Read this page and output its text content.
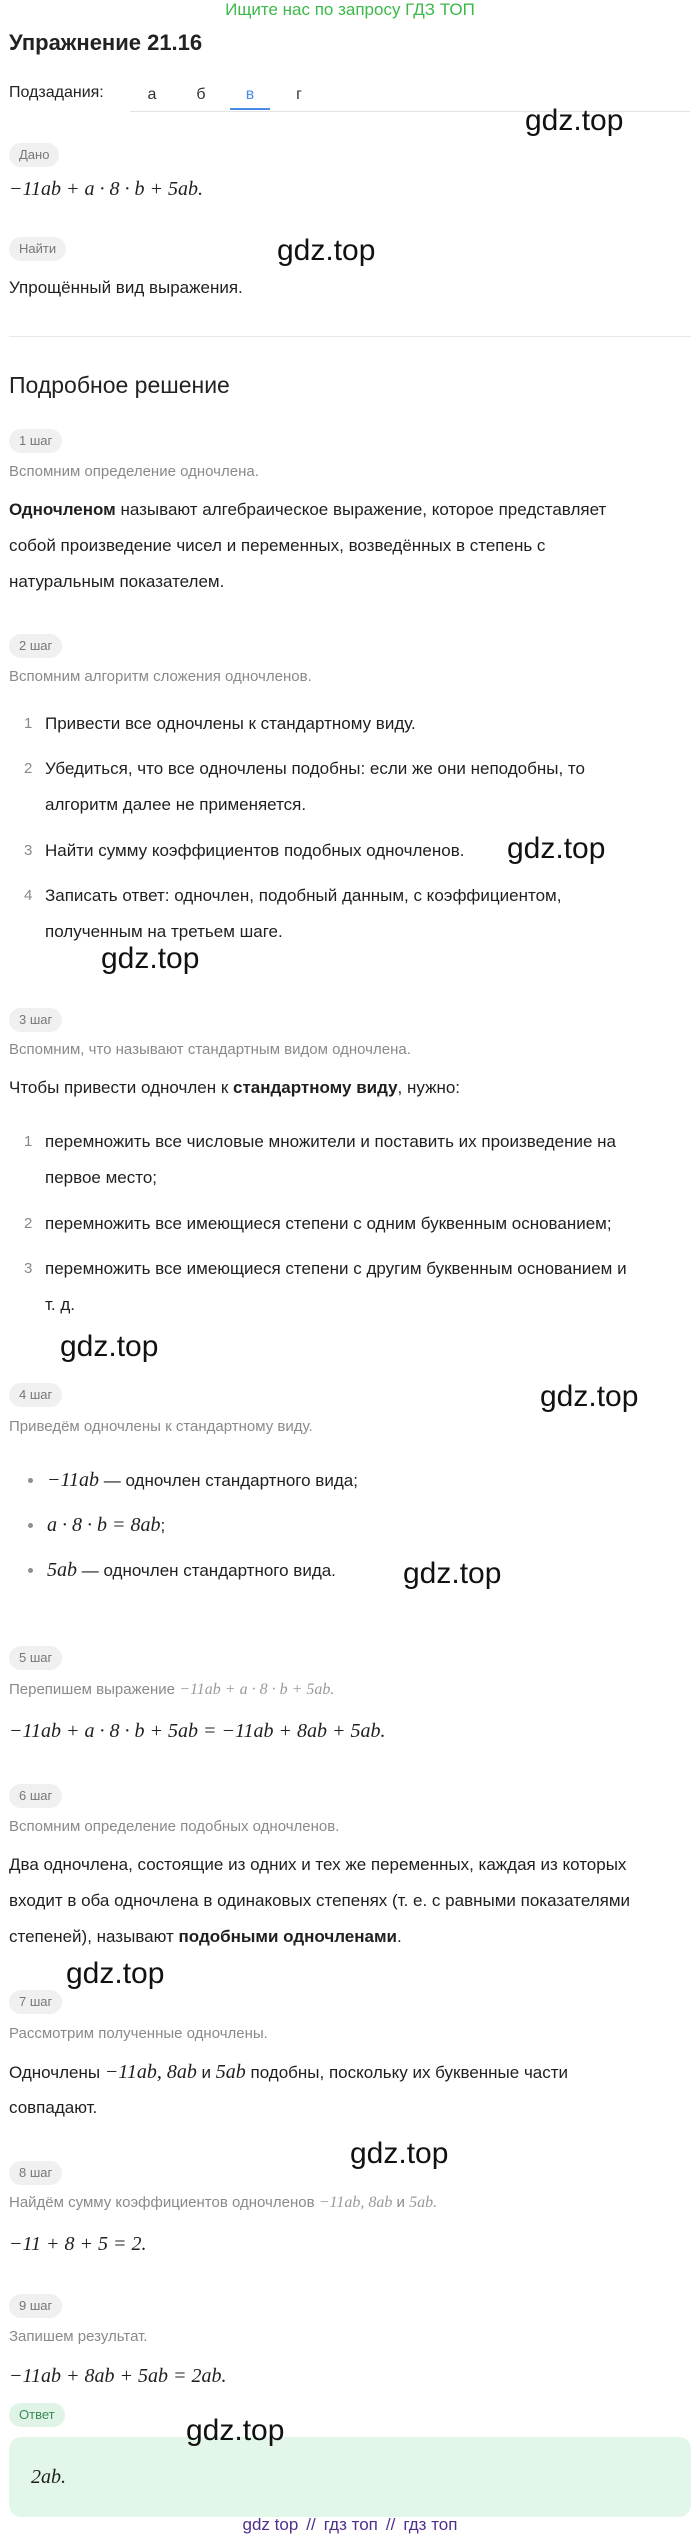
Ищите нас по запросу ГДЗ ТОП
Упражнение 21.16
Подзадания:	а	б	в	г
Дано
−11ab + a · 8 · b + 5ab.
Найти
Упрощённый вид выражения.
Подробное решение
1 шаг
Вспомним определение одночлена.
Одночленом называют алгебраическое выражение, которое представляет
собой произведение чисел и переменных, возведённых в степень с
натуральным показателем.
2 шаг
Вспомним алгоритм сложения одночленов.
1 Привести все одночлены к стандартному виду.
2 Убедиться, что все одночлены подобны: если же они неподобны, то
алгоритм далее не применяется.
3 Найти сумму коэффициентов подобных одночленов.
4 Записать ответ: одночлен, подобный данным, с коэффициентом,
полученным на третьем шаге.
3 шаг
Вспомним, что называют стандартным видом одночлена.
Чтобы привести одночлен к стандартному виду, нужно:
1 перемножить все числовые множители и поставить их произведение на
первое место;
2 перемножить все имеющиеся степени с одним буквенным основанием;
3 перемножить все имеющиеся степени с другим буквенным основанием и
т. д.
4 шаг
Приведём одночлены к стандартному виду.
−11ab — одночлен стандартного вида;
a · 8 · b = 8ab;
5ab — одночлен стандартного вида.
5 шаг
Перепишем выражение −11ab + a · 8 · b + 5ab.
−11ab + a · 8 · b + 5ab = −11ab + 8ab + 5ab.
6 шаг
Вспомним определение подобных одночленов.
Два одночлена, состоящие из одних и тех же переменных, каждая из которых
входит в оба одночлена в одинаковых степенях (т. е. с равными показателями
степеней), называют подобными одночленами.
7 шаг
Рассмотрим полученные одночлены.
Одночлены −11ab, 8ab и 5ab подобны, поскольку их буквенные части
совпадают.
8 шаг
Найдём сумму коэффициентов одночленов −11ab, 8ab и 5ab.
−11 + 8 + 5 = 2.
9 шаг
Запишем результат.
−11ab + 8ab + 5ab = 2ab.
Ответ
2ab.
gdz.top
gdz.top
gdz.top
gdz.top
gdz.top
gdz.top
gdz.top
gdz.top
gdz.top
gdz.top
gdz top // гдз топ // гдз топ
